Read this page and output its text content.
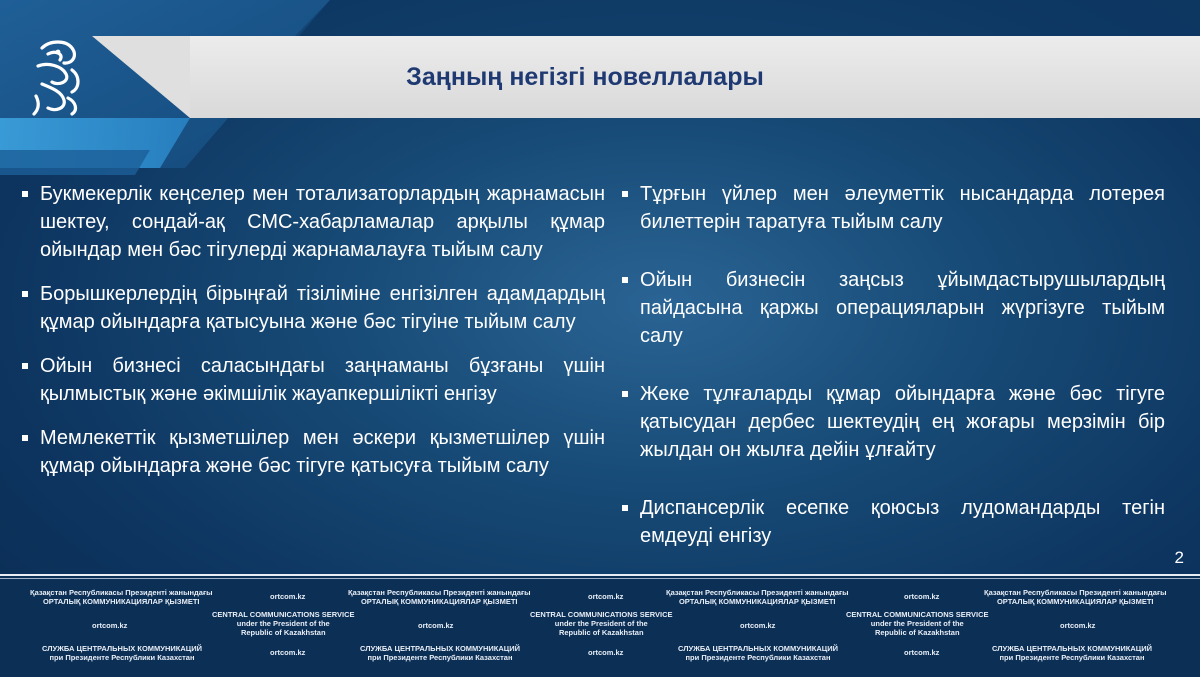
Заңның негізгі новеллалары
Букмекерлік кеңселер мен тотализаторлардың жарнамасын шектеу, сондай-ақ СМС-хабарламалар арқылы құмар ойындар мен бәс тігулерді жарнамалауға тыйым салу
Борышкерлердің бірыңғай тізіліміне енгізілген адамдардың құмар ойындарға қатысуына және бәс тігуіне тыйым салу
Ойын бизнесі саласындағы заңнаманы бұзғаны үшін қылмыстық және әкімшілік жауапкершілікті енгізу
Мемлекеттік қызметшілер мен әскери қызметшілер үшін құмар ойындарға және бәс тігуге қатысуға тыйым салу
Тұрғын үйлер мен әлеуметтік нысандарда лотерея билеттерін таратуға тыйым салу
Ойын бизнесін заңсыз ұйымдастырушылардың пайдасына қаржы операцияларын жүргізуге тыйым салу
Жеке тұлғаларды құмар ойындарға және бәс тігуге қатысудан дербес шектеудің ең жоғары мерзімін бір жылдан он жылға дейін ұлғайту
Диспансерлік есепке қоюсыз лудомандарды тегін емдеуді енгізу
2
Қазақстан Республикасы Президенті жанындағы
ОРТАЛЫҚ КОММУНИКАЦИЯЛАР ҚЫЗМЕТІ
ortcom.kz	Қазақстан Республикасы Президенті жанындағы
ОРТАЛЫҚ КОММУНИКАЦИЯЛАР ҚЫЗМЕТІ
ortcom.kz	Қазақстан Республикасы Президенті жанындағы
ОРТАЛЫҚ КОММУНИКАЦИЯЛАР ҚЫЗМЕТІ
ortcom.kz	Қазақстан Республикасы Президенті жанындағы
ОРТАЛЫҚ КОММУНИКАЦИЯЛАР ҚЫЗМЕТІ
CENTRAL COMMUNICATIONS SERVICE
under the President of the
Republic of Kazakhstan
CENTRAL COMMUNICATIONS SERVICE
under the President of the
Republic of Kazakhstan
CENTRAL COMMUNICATIONS SERVICE
under the President of the
Republic of Kazakhstan
ortcom.kz	ortcom.kz	ortcom.kz	ortcom.kz
СЛУЖБА ЦЕНТРАЛЬНЫХ КОММУНИКАЦИЙ
при Президенте Республики Казахстан
ortcom.kz	СЛУЖБА ЦЕНТРАЛЬНЫХ КОММУНИКАЦИЙ
при Президенте Республики Казахстан
ortcom.kz	СЛУЖБА ЦЕНТРАЛЬНЫХ КОММУНИКАЦИЙ
при Президенте Республики Казахстан
ortcom.kz	СЛУЖБА ЦЕНТРАЛЬНЫХ КОММУНИКАЦИЙ
при Президенте Республики Казахстан
